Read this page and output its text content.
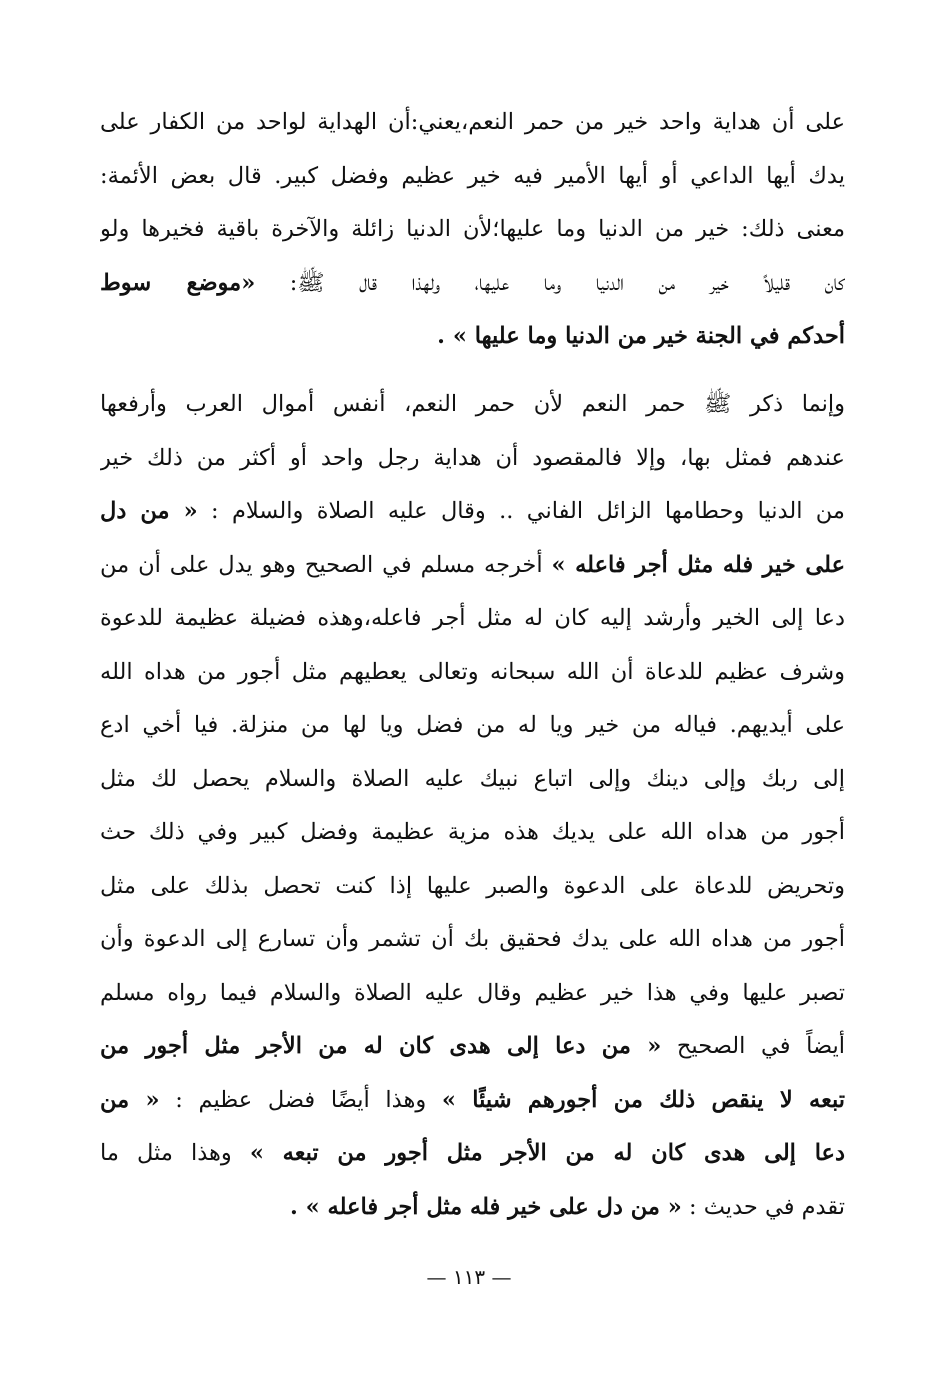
على أن هداية واحد خير من حمر النعم،يعني:أن الهداية لواحد من الكفار على
يدك أيها الداعي أو أيها الأمير فيه خير عظيم وفضل كبير. قال بعض الأئمة:
معنى ذلك: خير من الدنيا وما عليها؛لأن الدنيا زائلة والآخرة باقية فخيرها ولو
كان قليلاً خير من الدنيا وما عليها، ولهذا قال ﷺ: «موضع سوط
أحدكم في الجنة خير من الدنيا وما عليها » .
وإنما ذكر ﷺ حمر النعم لأن حمر النعم، أنفس أموال العرب وأرفعها
عندهم فمثل بها، وإلا فالمقصود أن هداية رجل واحد أو أكثر من ذلك خير
من الدنيا وحطامها الزائل الفاني .. وقال عليه الصلاة والسلام : « من دل
على خير فله مثل أجر فاعله » أخرجه مسلم في الصحيح وهو يدل على أن من
دعا إلى الخير وأرشد إليه كان له مثل أجر فاعله،وهذه فضيلة عظيمة للدعوة
وشرف عظيم للدعاة أن الله سبحانه وتعالى يعطيهم مثل أجور من هداه الله
على أيديهم. فياله من خير ويا له من فضل ويا لها من منزلة. فيا أخي ادع
إلى ربك وإلى دينك وإلى اتباع نبيك عليه الصلاة والسلام يحصل لك مثل
أجور من هداه الله على يديك هذه مزية عظيمة وفضل كبير وفي ذلك حث
وتحريض للدعاة على الدعوة والصبر عليها إذا كنت تحصل بذلك على مثل
أجور من هداه الله على يدك فحقيق بك أن تشمر وأن تسارع إلى الدعوة وأن
تصبر عليها وفي هذا خير عظيم وقال عليه الصلاة والسلام فيما رواه مسلم
أيضاً في الصحيح « من دعا إلى هدى كان له من الأجر مثل أجور من
تبعه لا ينقص ذلك من أجورهم شيئًا » وهذا أيضًا فضل عظيم : « من
دعا إلى هدى كان له من الأجر مثل أجور من تبعه » وهذا مثل ما
تقدم في حديث : « من دل على خير فله مثل أجر فاعله » .
— ١١٣ —
